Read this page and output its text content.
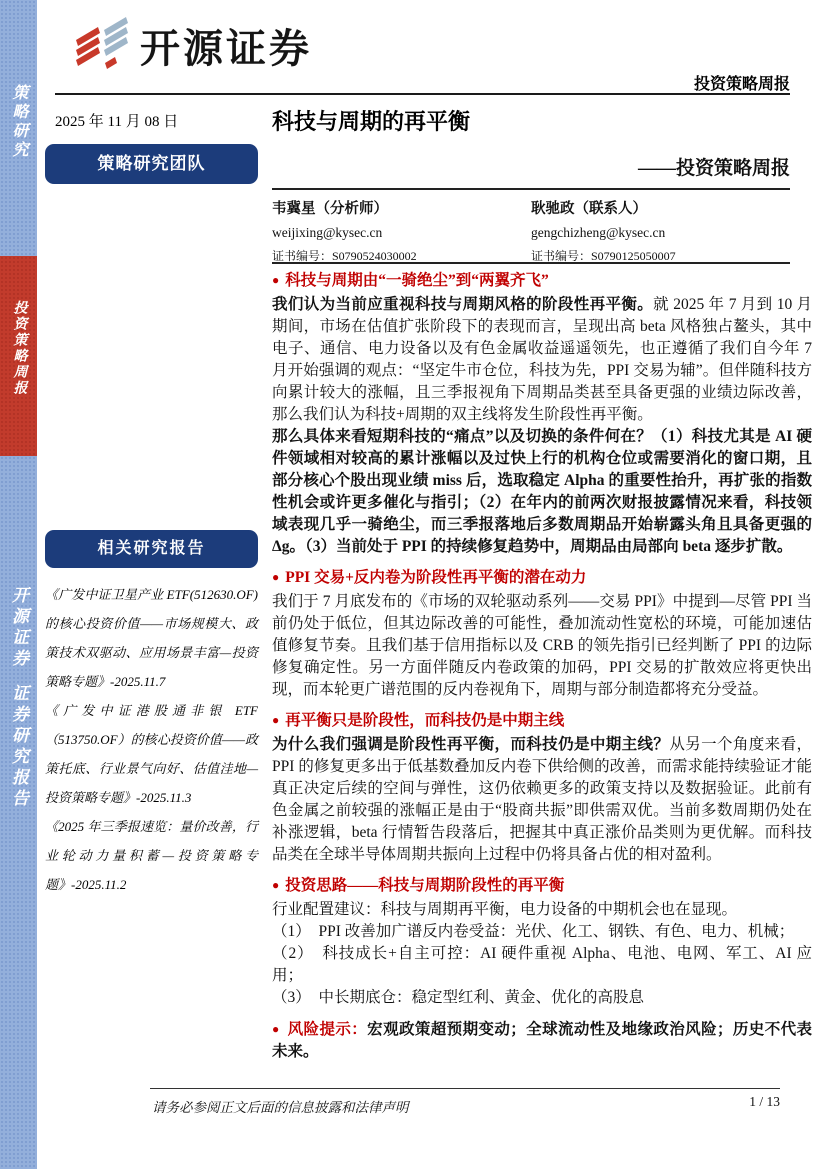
策略研究
投资策略周报
开源证券证券研究报告
开源证券
投资策略周报
2025 年 11 月 08 日	科技与周期的再平衡
策略研究团队	——投资策略周报
韦冀星（分析师）
weijixing@kysec.cn
证书编号：S0790524030002
耿驰政（联系人）
gengchizheng@kysec.cn
证书编号：S0790125050007
● 科技与周期由“一骑绝尘”到“两翼齐飞”
我们认为当前应重视科技与周期风格的阶段性再平衡。就 2025 年 7 月到 10 月期间，市场在估值扩张阶段下的表现而言，呈现出高 beta 风格独占鳌头，其中电子、通信、电力设备以及有色金属收益遥遥领先，也正遵循了我们自今年 7 月开始强调的观点：“坚定牛市仓位，科技为先，PPI 交易为辅”。但伴随科技方向累计较大的涨幅，且三季报视角下周期品类甚至具备更强的业绩边际改善，那么我们认为科技+周期的双主线将发生阶段性再平衡。
那么具体来看短期科技的“痛点”以及切换的条件何在？（1）科技尤其是 AI 硬件领域相对较高的累计涨幅以及过快上行的机构仓位或需要消化的窗口期，且部分核心个股出现业绩 miss 后，选取稳定 Alpha 的重要性抬升，再扩张的指数性机会或许更多催化与指引；（2）在年内的前两次财报披露情况来看，科技领域表现几乎一骑绝尘，而三季报落地后多数周期品开始崭露头角且具备更强的Δg。（3）当前处于 PPI 的持续修复趋势中，周期品由局部向 beta 逐步扩散。
● PPI 交易+反内卷为阶段性再平衡的潜在动力
我们于 7 月底发布的《市场的双轮驱动系列——交易 PPI》中提到—尽管 PPI 当前仍处于低位，但其边际改善的可能性，叠加流动性宽松的环境，可能加速估值修复节奏。且我们基于信用指标以及 CRB 的领先指引已经判断了 PPI 的边际修复确定性。另一方面伴随反内卷政策的加码，PPI 交易的扩散效应将更快出现，而本轮更广谱范围的反内卷视角下，周期与部分制造都将充分受益。
● 再平衡只是阶段性，而科技仍是中期主线
为什么我们强调是阶段性再平衡，而科技仍是中期主线？从另一个角度来看，PPI 的修复更多出于低基数叠加反内卷下供给侧的改善，而需求能持续验证才能真正决定后续的空间与弹性，这仍依赖更多的政策支持以及数据验证。此前有色金属之前较强的涨幅正是由于“股商共振”即供需双优。当前多数周期仍处在补涨逻辑，beta 行情暂告段落后，把握其中真正涨价品类则为更优解。而科技品类在全球半导体周期共振向上过程中仍将具备占优的相对盈利。
● 投资思路——科技与周期阶段性的再平衡
行业配置建议：科技与周期再平衡，电力设备的中期机会也在显现。
（1）　PPI 改善加广谱反内卷受益：光伏、化工、钢铁、有色、电力、机械；
（2）　科技成长+自主可控：AI 硬件重视 Alpha、电池、电网、军工、AI 应用；
（3）　中长期底仓：稳定型红利、黄金、优化的高股息
● 风险提示：宏观政策超预期变动；全球流动性及地缘政治风险；历史不代表未来。
相关研究报告
《广发中证卫星产业 ETF(512630.OF)的核心投资价值——市场规模大、政策技术双驱动、应用场景丰富—投资策略专题》-2025.11.7
《广发中证港股通非银 ETF（513750.OF）的核心投资价值——政策托底、行业景气向好、估值洼地—投资策略专题》-2025.11.3
《2025 年三季报速览：量价改善，行业轮动力量积蓄—投资策略专题》-2025.11.2
请务必参阅正文后面的信息披露和法律声明	1 / 13
